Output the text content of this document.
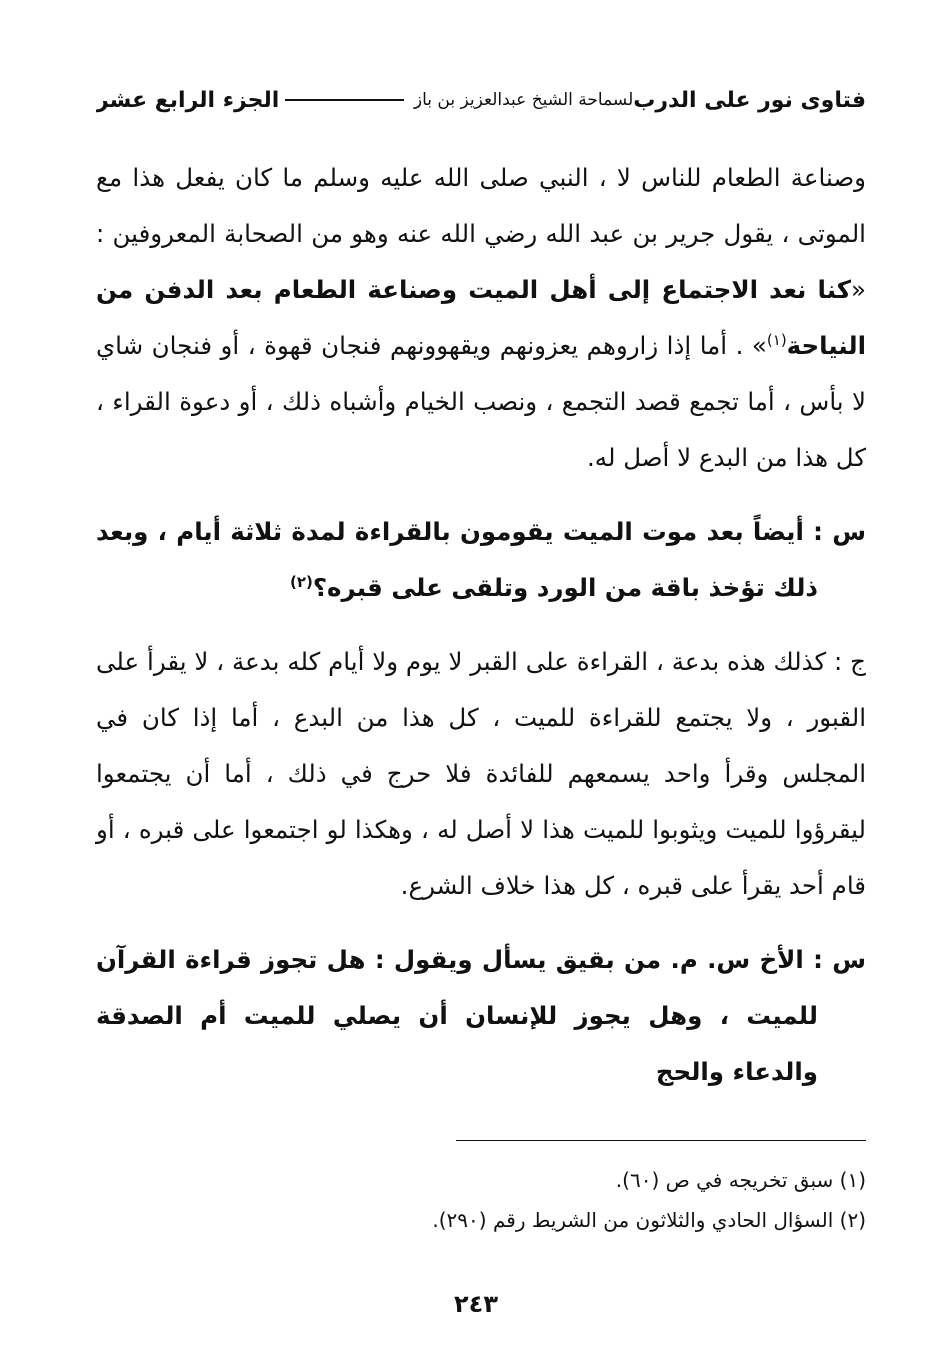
فتاوى نور على الدرب
لسماحة الشيخ عبدالعزيز بن باز
الجزء الرابع عشر

وصناعة الطعام للناس لا ، النبي صلى الله عليه وسلم ما كان يفعل هذا مع الموتى ، يقول جرير بن عبد الله رضي الله عنه وهو من الصحابة المعروفين : «كنا نعد الاجتماع إلى أهل الميت وصناعة الطعام بعد الدفن من النياحة$^{(١)}$» . أما إذا زاروهم يعزونهم ويقهوونهم فنجان قهوة ، أو فنجان شاي لا بأس ، أما تجمع قصد التجمع ، ونصب الخيام وأشباه ذلك ، أو دعوة القراء ، كل هذا من البدع لا أصل له.

س : أيضاً بعد موت الميت يقومون بالقراءة لمدة ثلاثة أيام ، وبعد ذلك تؤخذ باقة من الورد وتلقى على قبره؟$^{(٢)}$

ج : كذلك هذه بدعة ، القراءة على القبر لا يوم ولا أيام كله بدعة ، لا يقرأ على القبور ، ولا يجتمع للقراءة للميت ، كل هذا من البدع ، أما إذا كان في المجلس وقرأ واحد يسمعهم للفائدة فلا حرج في ذلك ، أما أن يجتمعوا ليقرؤوا للميت ويثوبوا للميت هذا لا أصل له ، وهكذا لو اجتمعوا على قبره ، أو قام أحد يقرأ على قبره ، كل هذا خلاف الشرع.

س : الأخ س. م. من بقيق يسأل ويقول : هل تجوز قراءة القرآن للميت ، وهل يجوز للإنسان أن يصلي للميت أم الصدقة والدعاء والحج

(١) سبق تخريجه في ص (٦٠).

(٢) السؤال الحادي والثلاثون من الشريط رقم (٢٩٠).

٢٤٣
